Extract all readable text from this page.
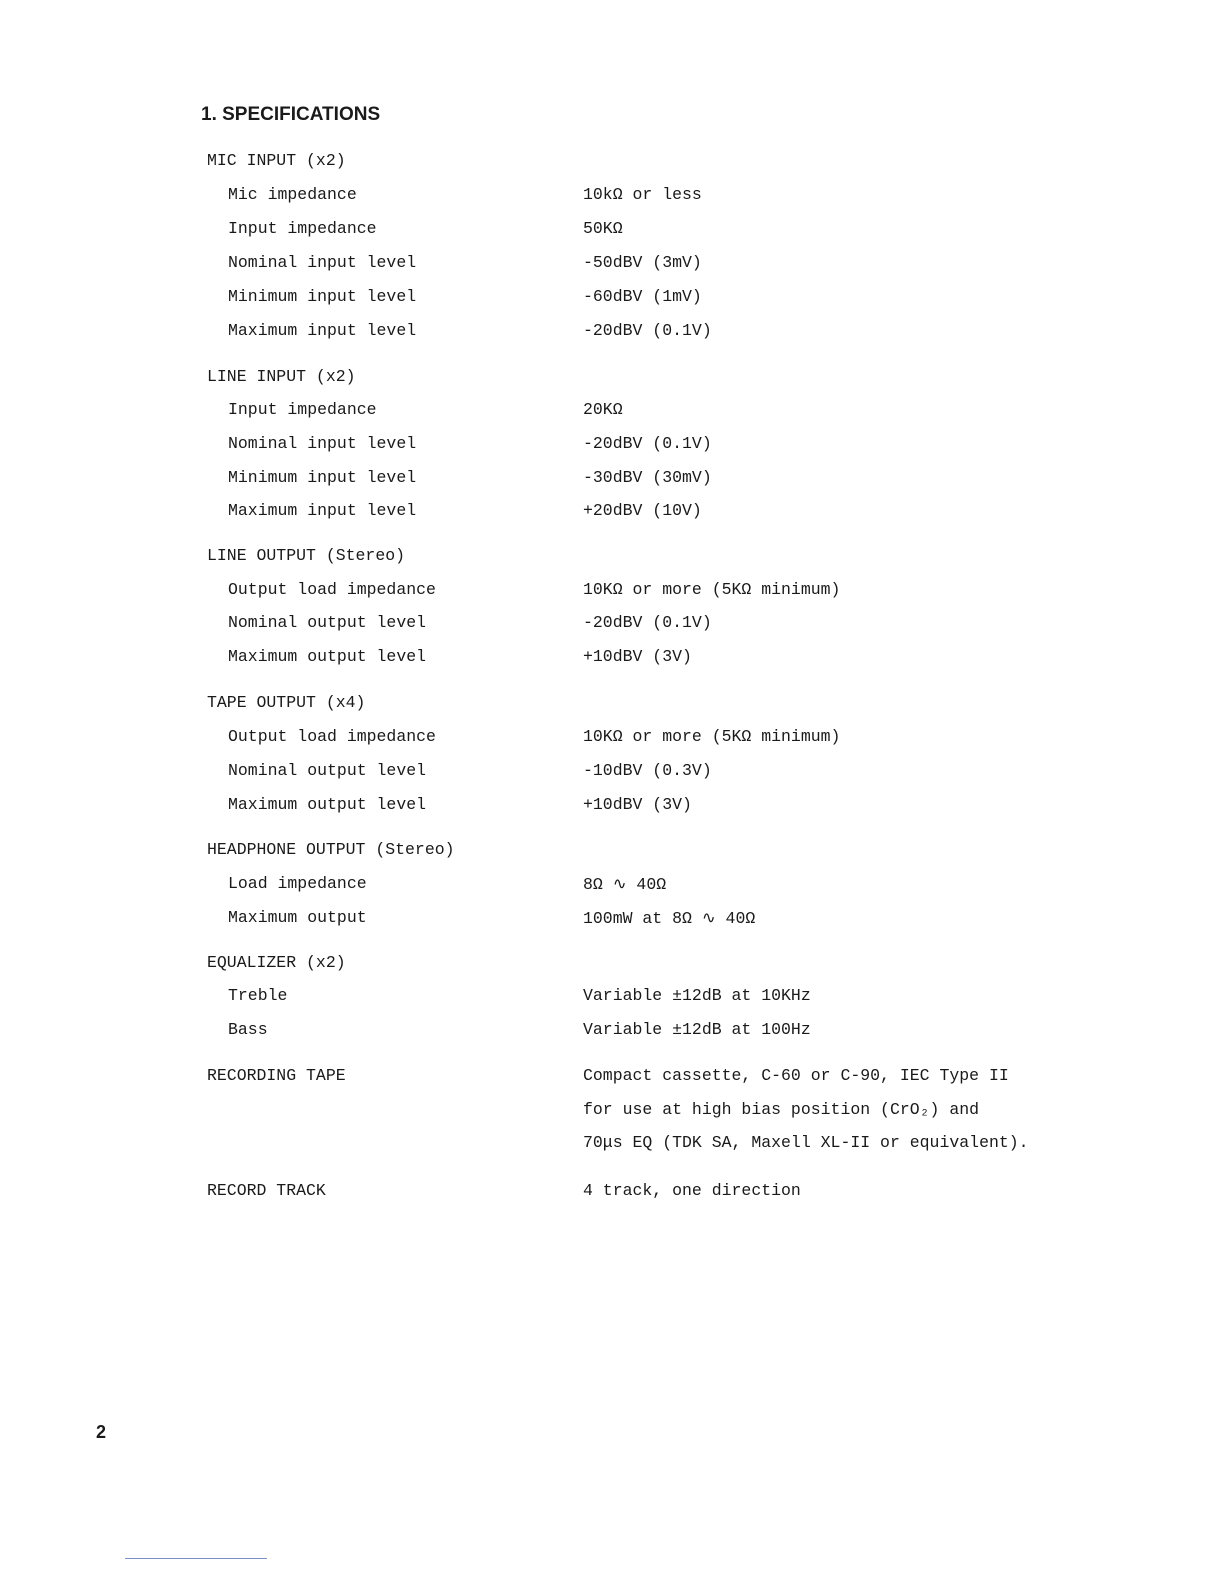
1. SPECIFICATIONS
MIC INPUT (x2)
Mic impedance	10kΩ or less
Input impedance	50KΩ
Nominal input level	-50dBV (3mV)
Minimum input level	-60dBV (1mV)
Maximum input level	-20dBV (0.1V)
LINE INPUT (x2)
Input impedance	20KΩ
Nominal input level	-20dBV (0.1V)
Minimum input level	-30dBV (30mV)
Maximum input level	+20dBV (10V)
LINE OUTPUT (Stereo)
Output load impedance	10KΩ or more (5KΩ minimum)
Nominal output level	-20dBV (0.1V)
Maximum output level	+10dBV (3V)
TAPE OUTPUT (x4)
Output load impedance	10KΩ or more (5KΩ minimum)
Nominal output level	-10dBV (0.3V)
Maximum output level	+10dBV (3V)
HEADPHONE OUTPUT (Stereo)
Load impedance	8Ω ∿ 40Ω
Maximum output	100mW at 8Ω ∿ 40Ω
EQUALIZER (x2)
Treble	Variable ±12dB at 10KHz
Bass	Variable ±12dB at 100Hz
RECORDING TAPE	Compact cassette, C-60 or C-90, IEC Type II
for use at high bias position (CrO₂) and
70μs EQ (TDK SA, Maxell XL-II or equivalent).
RECORD TRACK	4 track, one direction
2
